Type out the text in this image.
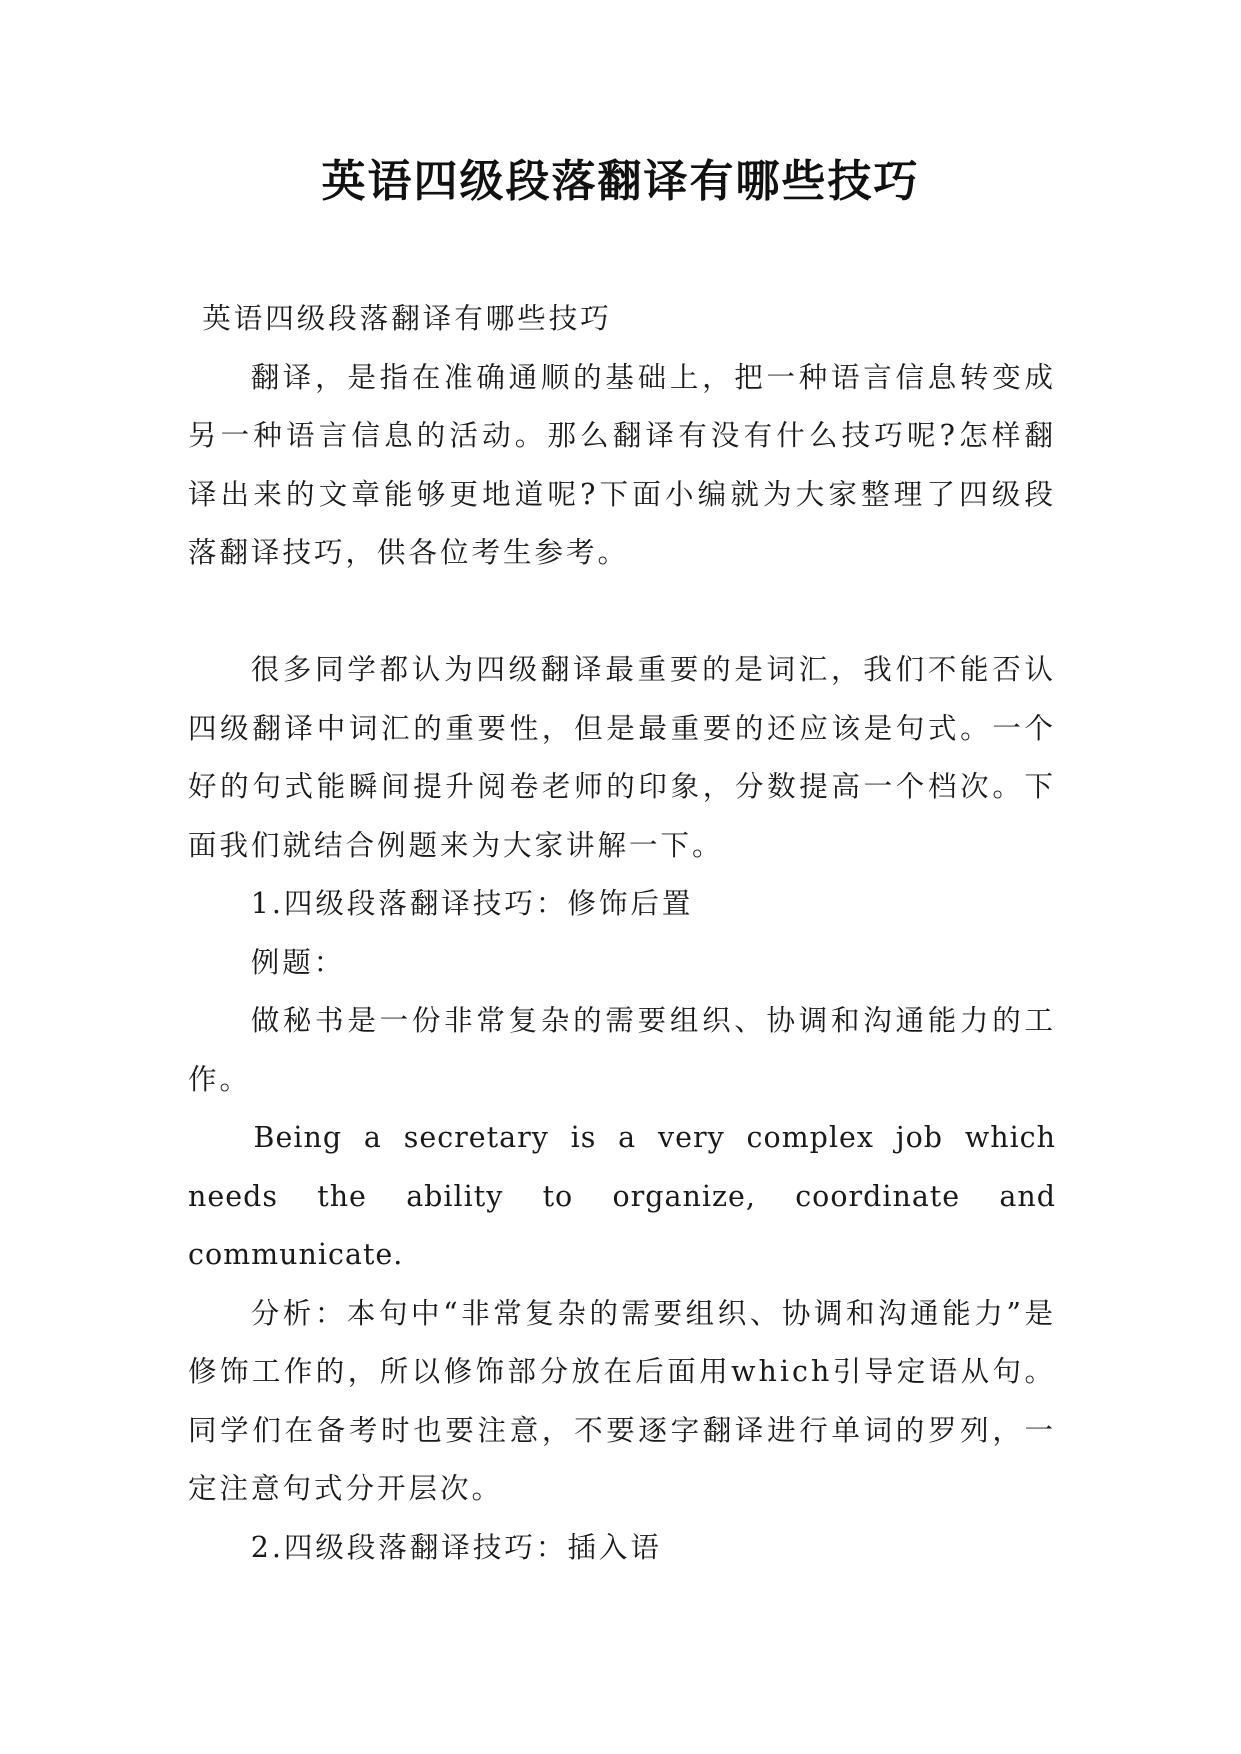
英语四级段落翻译有哪些技巧

英语四级段落翻译有哪些技巧

翻译，是指在准确通顺的基础上，把一种语言信息转变成另一种语言信息的活动。那么翻译有没有什么技巧呢?怎样翻译出来的文章能够更地道呢?下面小编就为大家整理了四级段落翻译技巧，供各位考生参考。

很多同学都认为四级翻译最重要的是词汇，我们不能否认四级翻译中词汇的重要性，但是最重要的还应该是句式。一个好的句式能瞬间提升阅卷老师的印象，分数提高一个档次。下面我们就结合例题来为大家讲解一下。

1.四级段落翻译技巧：修饰后置

例题：

做秘书是一份非常复杂的需要组织、协调和沟通能力的工作。

Being a secretary is a very complex job which needs the ability to organize, coordinate and communicate.

分析：本句中“非常复杂的需要组织、协调和沟通能力”是修饰工作的，所以修饰部分放在后面用which引导定语从句。同学们在备考时也要注意，不要逐字翻译进行单词的罗列，一定注意句式分开层次。

2.四级段落翻译技巧：插入语
